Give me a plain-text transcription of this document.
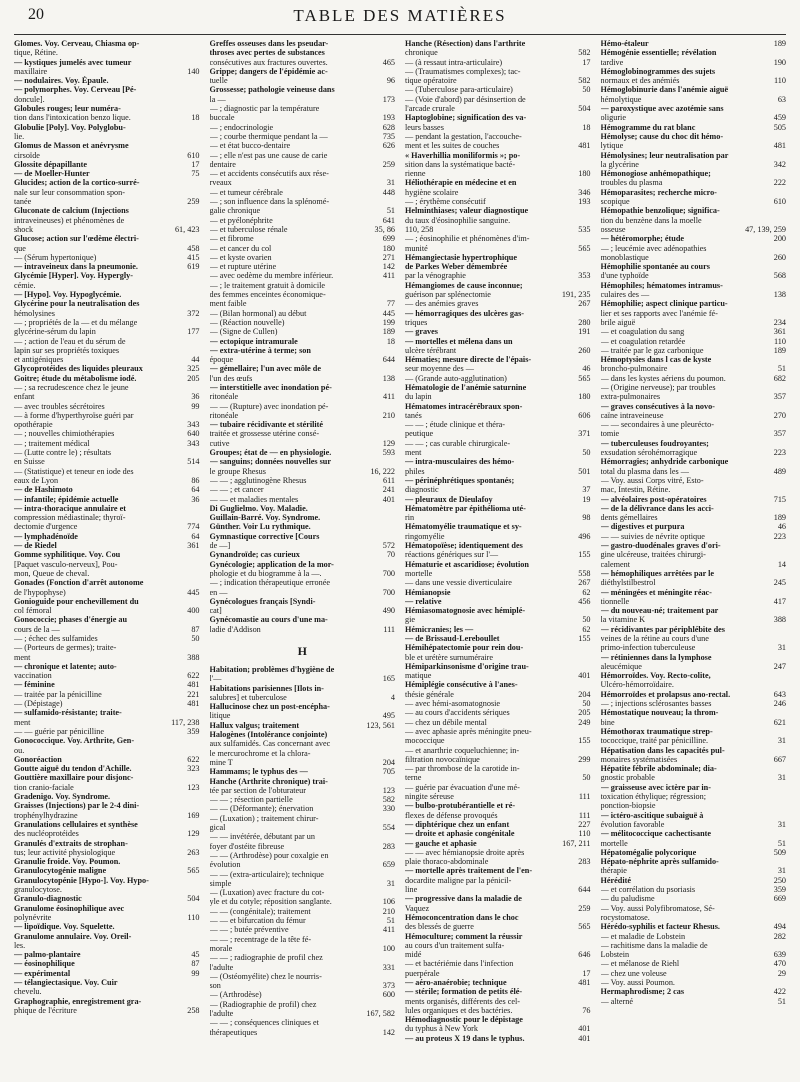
20	TABLE DES MATIÈRES
Glomes. Voy. Cerveau, Chiasma op-
tique, Rétine.
— kystiques jumelés avec tumeur
maxillaire	140
— nodulaires. Voy. Épaule.
— polymorphes. Voy. Cerveau [Pé-
doncule].
Globules rouges; leur numéra-
tion dans l'intoxication benzo lique.	18
Globulie [Poly]. Voy. Polyglobu-
lie.
Glomus de Masson et anévrysme
cirsoïde	610
Glossite dépapillante	17
— de Moeller-Hunter	75
Glucides; action de la cortico-surré-
nale sur leur consommation spon-
tanée	259
Gluconate de calcium (Injections
intraveineuses) et phénomènes de
shock	61, 423
Glucose; action sur l'œdème électri-
que	458
— (Sérum hypertonique)	415
— intraveineux dans la pneumonie.	619
Glycémie [Hyper]. Voy. Hypergly-
cémie.
— [Hypo]. Voy. Hypoglycémie.
Glycérine pour la neutralisation des
hémolysines	372
— ; propriétés de la — et du mélange
glycérine-sérum du lapin	177
— ; action de l'eau et du sérum de
lapin sur ses propriétés toxiques
et antigéniques	44
Glycoprotéides des liquides pleuraux	325
Goitre; étude du métabolisme iodé.	205
— ; sa recrudescence chez le jeune
enfant	36
— avec troubles sécrétoires	99
— à forme d'hyperthyroïse guéri par
opothérapie	343
— ; nouvelles chimiothérapies	640
— ; traitement médical	343
— (Lutte contre le) ; résultats
en Suisse	514
— (Statistique) et teneur en iode des
eaux de Lyon	86
— de Hashimoto	64
— infantile; épidémie actuelle	36
— intra-thoracique annulaire et
compression médiastinale; thyroï-
dectomie d'urgence	774
— lymphadénoïde	64
— de Riedel	361
Gomme syphilitique. Voy. Cou
[Paquet vasculo-nerveux], Pou-
mon, Queue de cheval.
Gonades (Fonction d'arrêt autonome
de l'hypophyse)	445
Gonioguide pour enchevillement du
col fémoral	400
Gonococcie; phases d'énergie au
cours de la —	87
— ; échec des sulfamides	50
— (Porteurs de germes); traite-
ment	388
— chronique et latente; auto-
vaccination	622
— féminine	481
— traitée par la pénicilline	221
— (Dépistage)	481
— sulfamido-résistante; traite-
ment	117, 238
— — guérie par pénicilline	359
Gonococcique. Voy. Arthrite, Gen-
ou.
Gonoréaction	622
Goutte aiguë du tendon d'Achille.	323
Gouttière maxillaire pour disjonc-
tion cranio-faciale	123
Gradenigo. Voy. Syndrome.
Graisses (Injections) par le 2-4 dini-
trophénylhydrazine	169
Granulations cellulaires et synthèse
des nucléoprotéides	129
Granulés d'extraits de strophan-
tus; leur activité physiologique	263
Granulie froide. Voy. Poumon.
Granulocytogénie maligne	565
Granulocytopénie [Hypo-]. Voy. Hypo-
granulocytose.
Granulo-diagnostic	504
Granulome éosinophilique avec
polynévrite	110
— lipoïdique. Voy. Squelette.
Granulome annulaire. Voy. Oreil-
les.
— palmo-plantaire	45
— éosinophilique	87
— expérimental	99
— télangiectasique. Voy. Cuir
chevelu.
Graphographie, enregistrement gra-
phique de l'écriture	258
Greffes osseuses dans les pseudar-
throses avec pertes de substances
consécutives aux fractures ouvertes.	465
Grippe; dangers de l'épidémie ac-
tuelle	96
Grossesse; pathologie veineuse dans
la —	173
— ; diagnostic par la température
buccale	193
— ; endocrinologie	628
— ; courbe thermique pendant la —	735
— et état bucco-dentaire	626
— ; elle n'est pas une cause de carie
dentaire	259
— et accidents consécutifs aux rése-
rveaux	31
— et tumeur cérébrale	448
— ; son influence dans la splénomé-
galie chronique	51
— et pyélonéphrite	641
— et tuberculose rénale	35, 86
— et fibrome	699
— et cancer du col	180
— et kyste ovarien	271
— et rupture utérine	142
— avec oedème du membre inférieur.	411
— ; le traitement gratuit à domicile
des femmes enceintes économique-
ment faible	77
— (Bilan hormonal) au début	445
— (Réaction nouvelle)	199
— (Signe de Cullen)	189
— ectopique intramurale	18
— extra-utérine à terme; son
époque	644
— gémellaire; l'un avec môle de
l'un des œufs	138
— interstitielle avec inondation pé-
ritonéale	411
— — (Rupture) avec inondation pé-
ritonéale	210
— tubaire récidivante et stérilité
traitée et grossesse utérine consé-
cutive	129
Groupes; état de — en physiologie.	593
— sanguins; données nouvelles sur
le groupe Rhesus	16, 222
— — ; agglutinogène Rhesus	611
— — ; et cancer	241
— — et maladies mentales	401
Di Guglielmo. Voy. Maladie.
Guillain-Barré. Voy. Syndrome.
Günther. Voir Lu rythmique.
Gymnastique corrective [Cours
de —]	572
Gynandroïde; cas curieux	70
Gynécologie; application de la mor-
phologie et du biogramme à la —.	700
— ; indication thérapeutique erronée
en —	700
Gynécologues français [Syndi-
cat]	490
Gynécomastie au cours d'une ma-
ladie d'Addison	111
H
Habitation; problèmes d'hygiène de
l'—	165
Habitations parisiennes [Ilots in-
salubres] et tuberculose	4
Hallucinose chez un post-encépha-
litique	495
Hallux valgus; traitement	123, 561
Halogènes (Intolérance conjointe)
aux sulfamidés. Cas concernant avec
le mercurochrome et la chlora-
mine T	204
Hammams; le typhus des —	705
Hanche (Arthrite chronique) trai-
tée par section de l'obturateur	123
— — ; résection partielle	582
— — (Déformante); énervation	330
— (Luxation) ; traitement chirur-
gical	554
— — invétérée, débutant par un
foyer d'ostéite fibreuse	283
— — (Arthrodèse) pour coxalgie en
évolution	659
— — (extra-articulaire); technique
simple	31
— (Luxation) avec fracture du cot-
yle et du cotyle; réposition sanglante.	106
— — (congénitale); traitement	210
— — et bifurcation du fémur	51
— — ; butée préventive	411
— — ; recentrage de la tête fé-
morale	100
— — ; radiographie de profil chez
l'adulte	331
— (Ostéomyélite) chez le nourris-
son	373
— (Arthrodèse)	600
— (Radiographie de profil) chez
l'adulte	167, 582
— — ; conséquences cliniques et
thérapeutiques	142
Hanche (Résection) dans l'arthrite
chronique	582
— (à ressaut intra-articulaire)	17
— (Traumatismes complexes); tac-
tique opératoire	582
— (Tuberculose para-articulaire)	50
— (Voie d'abord) par désinsertion de
l'arcade crurale	504
Haptoglobine; signification des va-
leurs basses	18
— pendant la gestation, l'accouche-
ment et les suites de couches	481
« Haverhillia moniliformis »; po-
sition dans la systématique bacté-
rienne	180
Héliothérapie en médecine et en
hygiène scolaire	346
— ; érythème consécutif	193
Helminthiases; valeur diagnostique
du taux d'éosinophilie sanguine.
110, 258	535
— ; éosinophilie et phénomènes d'im-
munité	565
Hémangiectasie hypertrophique
de Parkes Weber démembrée
par la vénographie	353
Hémangiomes de cause inconnue;
guérison par splénectomie	191, 235
— des anémies graves	267
— hémorragiques des ulcères gas-
triques	280
— graves	191
— mortelles et mélena dans un
ulcère térébrant	260
Hématies; mesure directe de l'épais-
seur moyenne des —	46
— (Grande auto-agglutination)	565
Hématologie de l'anémie saturnine
du lapin	180
Hématomes intracérébraux spon-
tanés	606
— — ; étude clinique et théra-
peutique	371
— — ; cas curable chirurgicale-
ment	50
— intra-musculaires des hémo-
philes	501
— périnéphrétiques spontanés;
diagnostic	37
— pleuraux de Dieulafoy	19
Hématomètre par épithélioma uté-
rin	98
Hématomyélie traumatique et sy-
ringomyélie	496
Hématopoïèse; identiquement des
réactions génériques sur l'—	155
Hématurie et ascaridiose; évolution
mortelle	558
— dans une vessie diverticulaire	267
Hémianopsie	62
— relative	456
Hémiasomatognosie avec hémiplé-
gie	50
Hémicranies; les —	62
— de Brissaud-Lereboullet	155
Hémihépatectomie pour rein dou-
ble et urétère surnuméraire
Hémiparkinsonisme d'origine trau-
matique	401
Hémiplégie consécutive à l'anes-
thésie générale	204
— avec hémi-asomatognosie	50
— au cours d'accidents sériques	205
— chez un débile mental	249
— avec aphasie après méningite pneu-
mococcique	155
— et anarthrie coqueluchienne; in-
filtration novocaïnique	299
— par thrombose de la carotide in-
terne	50
— guérie par évacuation d'une mé-
ningite séreuse	111
— bulbo-protubérantielle et ré-
flexes de défense provoqués	111
— diphtérique chez un enfant	227
— droite et aphasie congénitale	110
— gauche et aphasie	167, 211
— — avec hémianopsie droite après
plaie thoraco-abdominale	283
— mortelle après traitement de l'en-
docardite maligne par la pénicil-
line	644
— progressive dans la maladie de
Vaquez	259
Hémoconcentration dans le choc
des blessés de guerre	565
Hémoculture; comment la réussir
au cours d'un traitement sulfa-
midé	646
— et bactériémie dans l'infection
puerpérale	17
— aéro-anaérobie; technique	481
— stérile; formation de petits élé-
ments organisés, différents des cel-
lules organiques et des bactéries.	76
Hémodiagnostic pour le dépistage
du typhus à New York	401
— au proteus X 19 dans le typhus.	401
Hémo-étaleur	189
Hémogénie essentielle; révélation
tardive	190
Hémoglobinogrammes des sujets
normaux et des anémiés	110
Hémoglobinurie dans l'anémie aiguë
hémolytique	63
— paroxystique avec azotémie sans
oligurie	459
Hémogramme du rat blanc	505
Hémolyse; cause du choc dit hémo-
lytique	481
Hémolysines; leur neutralisation par
la glycérine	342
Hémonogiose anhémopathique;
troubles du plasma	222
Hémoparasites; recherche micro-
scopique	610
Hémopathie benzolique; significa-
tion du benzène dans la moelle
osseuse	47, 139, 259
— hétéromorphe; étude	200
— ; leucémie avec adénopathies
monoblastique	260
Hémophilie spontanée au cours
d'une typhoïde	568
Hémophiles; hématomes intramus-
culaires des —	138
Hémophilie; aspect clinique particu-
lier et ses rapports avec l'anémie fé-
brile aiguë	234
— et coagulation du sang	361
— et coagulation retardée	110
— traitée par le gaz carbonique	189
Hémoptysies dans l cas de kyste
broncho-pulmonaire	51
— dans les kystes aériens du poumon.	682
— (Origine nerveuse); par troubles
extra-pulmonaires	357
— graves consécutives à la novo-
caïne intraveineuse	270
— — secondaires à une pleurécto-
tomie	357
— tuberculeuses foudroyantes;
exsudation sérohémorragique	223
Hémorragies; anhydride carbonique
total du plasma dans les —	489
— Voy. aussi Corps vitré, Esto-
mac, Intestin, Rétine.
— alvéolaires post-opératoires	715
— de la délivrance dans les acci-
dents gémellaires	189
— digestives et purpura	46
— — suivies de névrite optique	223
— gastro-duodénales graves d'ori-
gine ulcéreuse, traitées chirurgi-
calement	14
— hémophiliques arrêtées par le
diéthylstilbestrol	245
— méningées et méningite réac-
tionnelle	417
— du nouveau-né; traitement par
la vitamine K	388
— récidivantes par périphlébite des
veines de la rétine au cours d'une
primo-infection tuberculeuse	31
— rétiniennes dans la lymphose
aleucémique	247
Hémorroïdes. Voy. Recto-colite,
Ulcéro-hémorroïdaire.
Hémorroïdes et prolapsus ano-rectal.	643
— ; injections sclérosantes basses	246
Hémostatique nouveau; la throm-
bine	621
Hémothorax traumatique strep-
tococcique, traité par pénicilline.	31
Hépatisation dans les capacités pul-
monaires systématisées	667
Hépatite fébrile abdominale; dia-
gnostic probable	31
— graisseuse avec ictère par in-
toxication éthylique; régression;
ponction-biopsie
— ictéro-ascitique subaiguë à
évolution favorable	31
— mélitococcique cachectisante
mortelle	51
Hépatomégalie polycorique	509
Hépato-néphrite après sulfamido-
thérapie	31
Hérédité	250
— et corrélation du psoriasis	359
— du paludisme	669
— Voy. aussi Polyfibromatose, Sé-
rocystomatose.
Hérédo-syphilis et facteur Rhesus.	494
— et maladie de Lobstein	282
— rachitisme dans la maladie de
Lobstein	639
— et mélanose de Riehl	470
— chez une voleuse	29
— Voy. aussi Poumon.
Hermaphrodisme; 2 cas	422
— alterné	51
